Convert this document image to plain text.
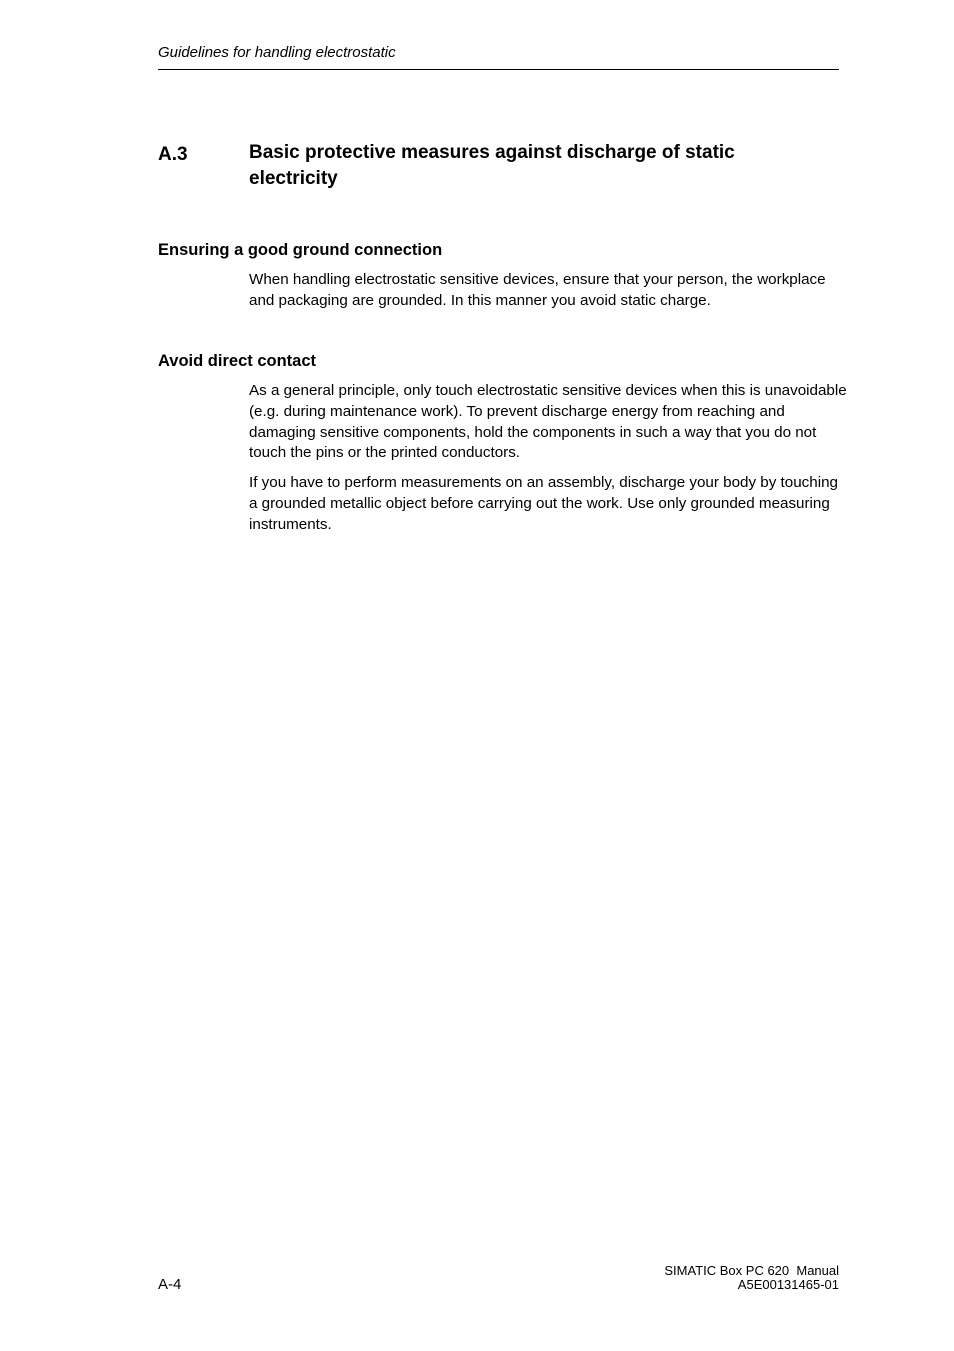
Guidelines for handling electrostatic
A.3	Basic protective measures against discharge of static electricity
Ensuring a good ground connection
When handling electrostatic sensitive devices, ensure that your person, the workplace and packaging are grounded. In this manner you avoid static charge.
Avoid direct contact
As a general principle, only touch electrostatic sensitive devices when this is unavoidable (e.g. during maintenance work). To prevent discharge energy from reaching and damaging sensitive components, hold the components in such a way that you do not touch the pins or the printed conductors.
If you have to perform measurements on an assembly, discharge your body by touching a grounded metallic object before carrying out the work. Use only grounded measuring instruments.
A-4
SIMATIC Box PC 620  Manual
A5E00131465-01
